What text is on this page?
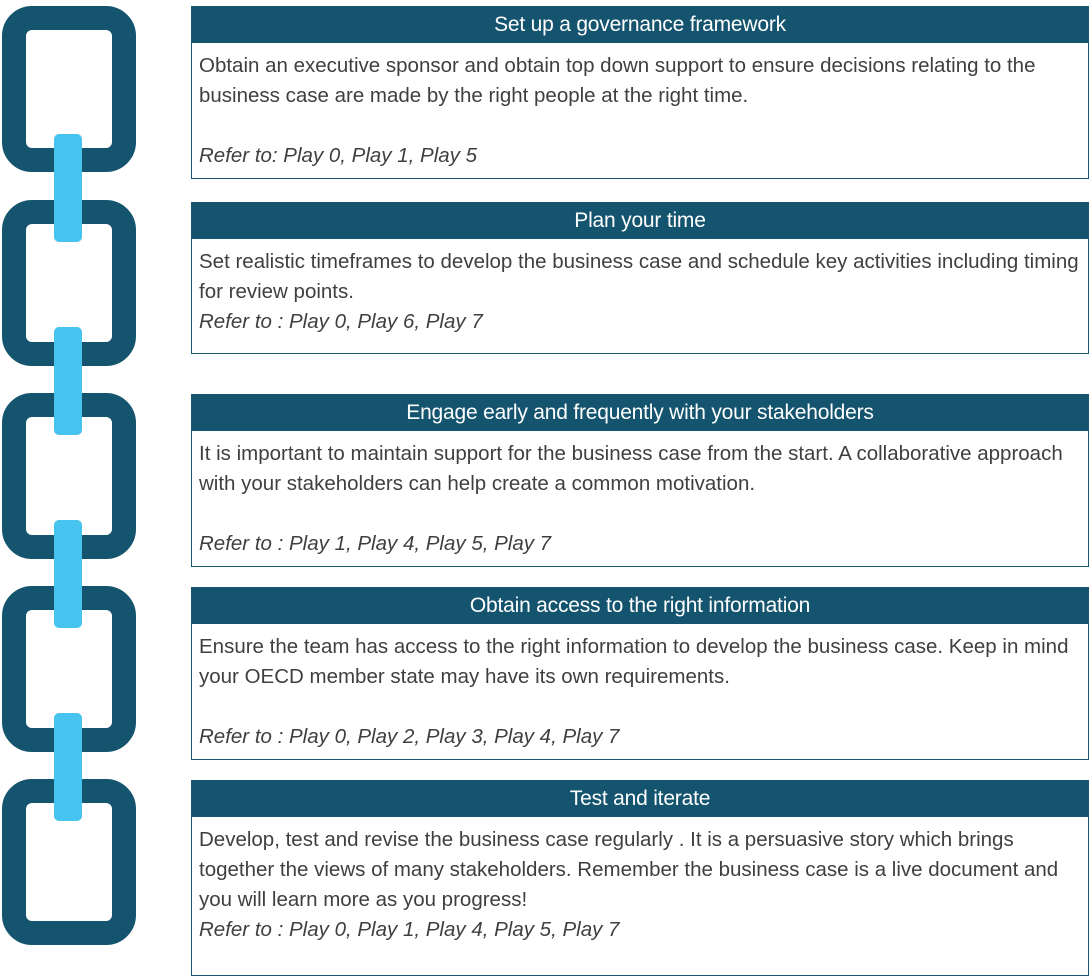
Set up a governance framework

Obtain an executive sponsor and obtain top down support to ensure decisions relating to the business case are made by the right people at the right time.

Refer to: Play 0, Play 1, Play 5

Plan your time

Set realistic timeframes to develop the business case and schedule key activities including timing for review points.

Refer to : Play 0, Play 6, Play 7

Engage early and frequently with your stakeholders

It is important to maintain support for the business case from the start. A collaborative approach with your stakeholders can help create a common motivation.

Refer to : Play 1, Play 4, Play 5, Play 7

Obtain access to the right information

Ensure the team has access to the right information to develop the business case. Keep in mind your OECD member state may have its own requirements.

Refer to : Play 0, Play 2, Play 3, Play 4, Play 7

Test and iterate

Develop, test and revise the business case regularly . It is a persuasive story which brings together the views of many stakeholders. Remember the business case is a live document and you will learn more as you progress!

Refer to : Play 0, Play 1, Play 4, Play 5, Play 7
